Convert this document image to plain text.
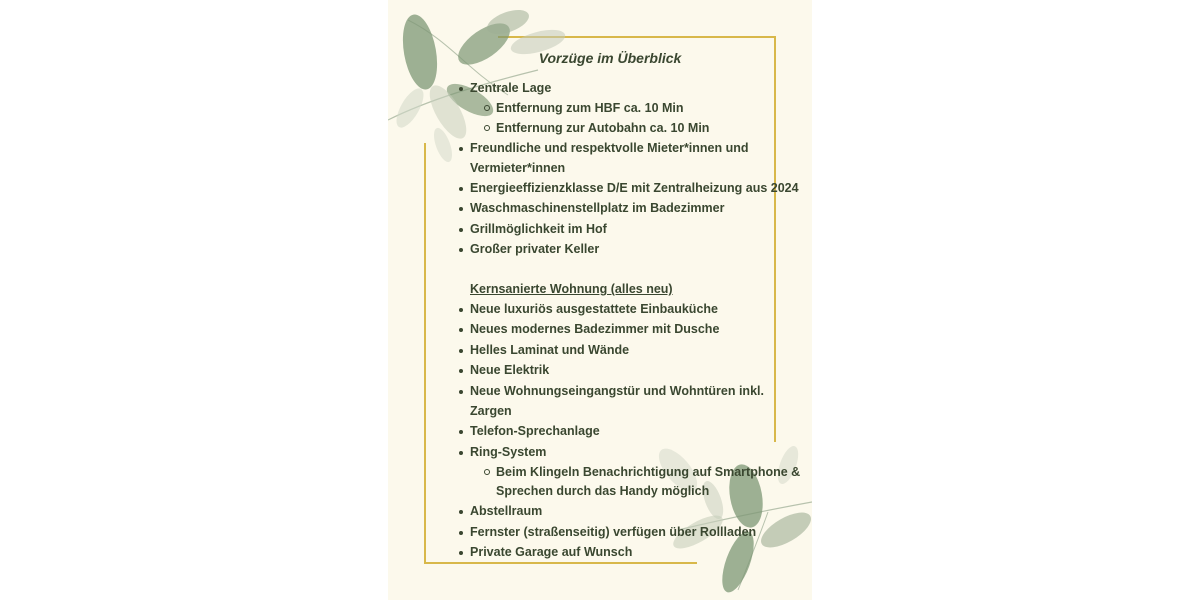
Vorzüge im Überblick
Zentrale Lage
Entfernung zum HBF ca. 10 Min
Entfernung zur Autobahn ca. 10 Min
Freundliche und respektvolle Mieter*innen und
Vermieter*innen
Energieeffizienzklasse D/E mit Zentralheizung aus 2024
Waschmaschinenstellplatz im Badezimmer
Grillmöglichkeit im Hof
Großer privater Keller
Kernsanierte Wohnung (alles neu)
Neue luxuriös ausgestattete Einbauküche
Neues modernes Badezimmer mit Dusche
Helles Laminat und Wände
Neue Elektrik
Neue Wohnungseingangstür und Wohntüren inkl.
Zargen
Telefon-Sprechanlage
Ring-System
Beim Klingeln Benachrichtigung auf Smartphone &
Sprechen durch das Handy möglich
Abstellraum
Fernster (straßenseitig) verfügen über Rollladen
Private Garage auf Wunsch
